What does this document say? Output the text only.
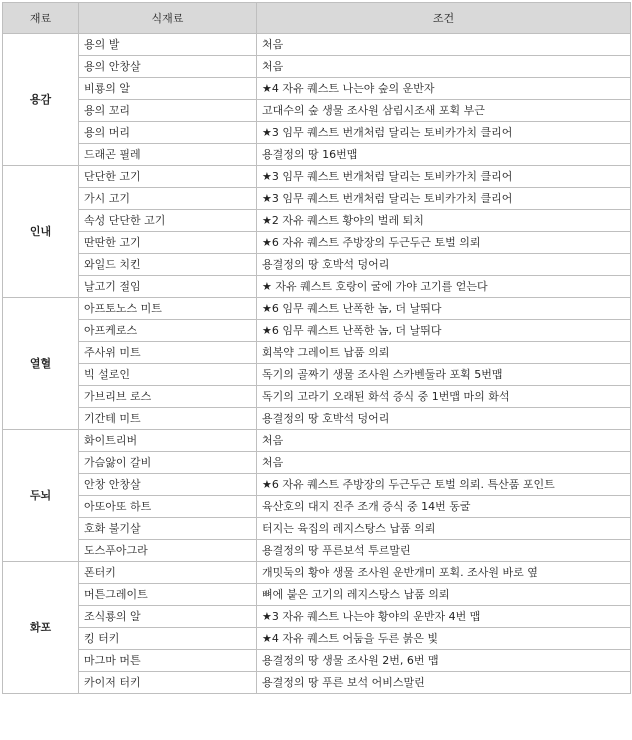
재료	식재료	조건
용감	용의 발	처음
	용의 안창살	처음
	비룡의 알	★4 자유 퀘스트 나는야 숲의 운반자
	용의 꼬리	고대수의 숲 생물 조사원 삼림시조새 포획 부근
	용의 머리	★3 임무 퀘스트 번개처럼 달리는 토비카가치 클리어
	드래곤 필레	용결정의 땅 16번맵
인내	단단한 고기	★3 임무 퀘스트 번개처럼 달리는 토비카가치 클리어
	가시 고기	★3 임무 퀘스트 번개처럼 달리는 토비카가치 클리어
	속성 단단한 고기	★2 자유 퀘스트 황야의 벌레 퇴치
	딴딴한 고기	★6 자유 퀘스트 주방장의 두근두근 토벌 의뢰
	와일드 치킨	용결정의 땅 호박석 덩어리
	날고기 절임	★ 자유 퀘스트 호랑이 굴에 가야 고기를 얻는다
열혈	아프토노스 미트	★6 임무 퀘스트 난폭한 놈, 더 날뛰다
	아프케로스	★6 임무 퀘스트 난폭한 놈, 더 날뛰다
	주사위 미트	회복약 그레이트 납품 의뢰
	빅 설로인	독기의 골짜기 생물 조사원 스카벤둘라 포획 5번맵
	가브리브 로스	독기의 고라기 오래된 화석 증식 중 1번맵 마의 화석
	기간테 미트	용결정의 땅 호박석 덩어리
두뇌	화이트리버	처음
	가슴앓이 갈비	처음
	안창 안창살	★6 자유 퀘스트 주방장의 두근두근 토벌 의뢰. 특산품 포인트
	아또아또 하트	육산호의 대지 진주 조개 증식 중 14번 동굴
	호화 불기살	터지는 육집의 레지스탕스 납품 의뢰
	도스푸아그라	용결정의 땅 푸른보석 투르말린
화포	폰터키	개밋둑의 황야 생물 조사원 운반개미 포획. 조사원 바로 옆
	머튼그레이트	뼈에 붙은 고기의 레지스탕스 납품 의뢰
	조식룡의 알	★3 자유 퀘스트 나는야 황야의 운반자 4번 맵
	킹 터키	★4 자유 퀘스트 어둠을 두른 붉은 빛
	마그마 머튼	용결정의 땅 생물 조사원 2번, 6번 맵
	카이저 터키	용결정의 땅 푸른 보석 어비스말린
